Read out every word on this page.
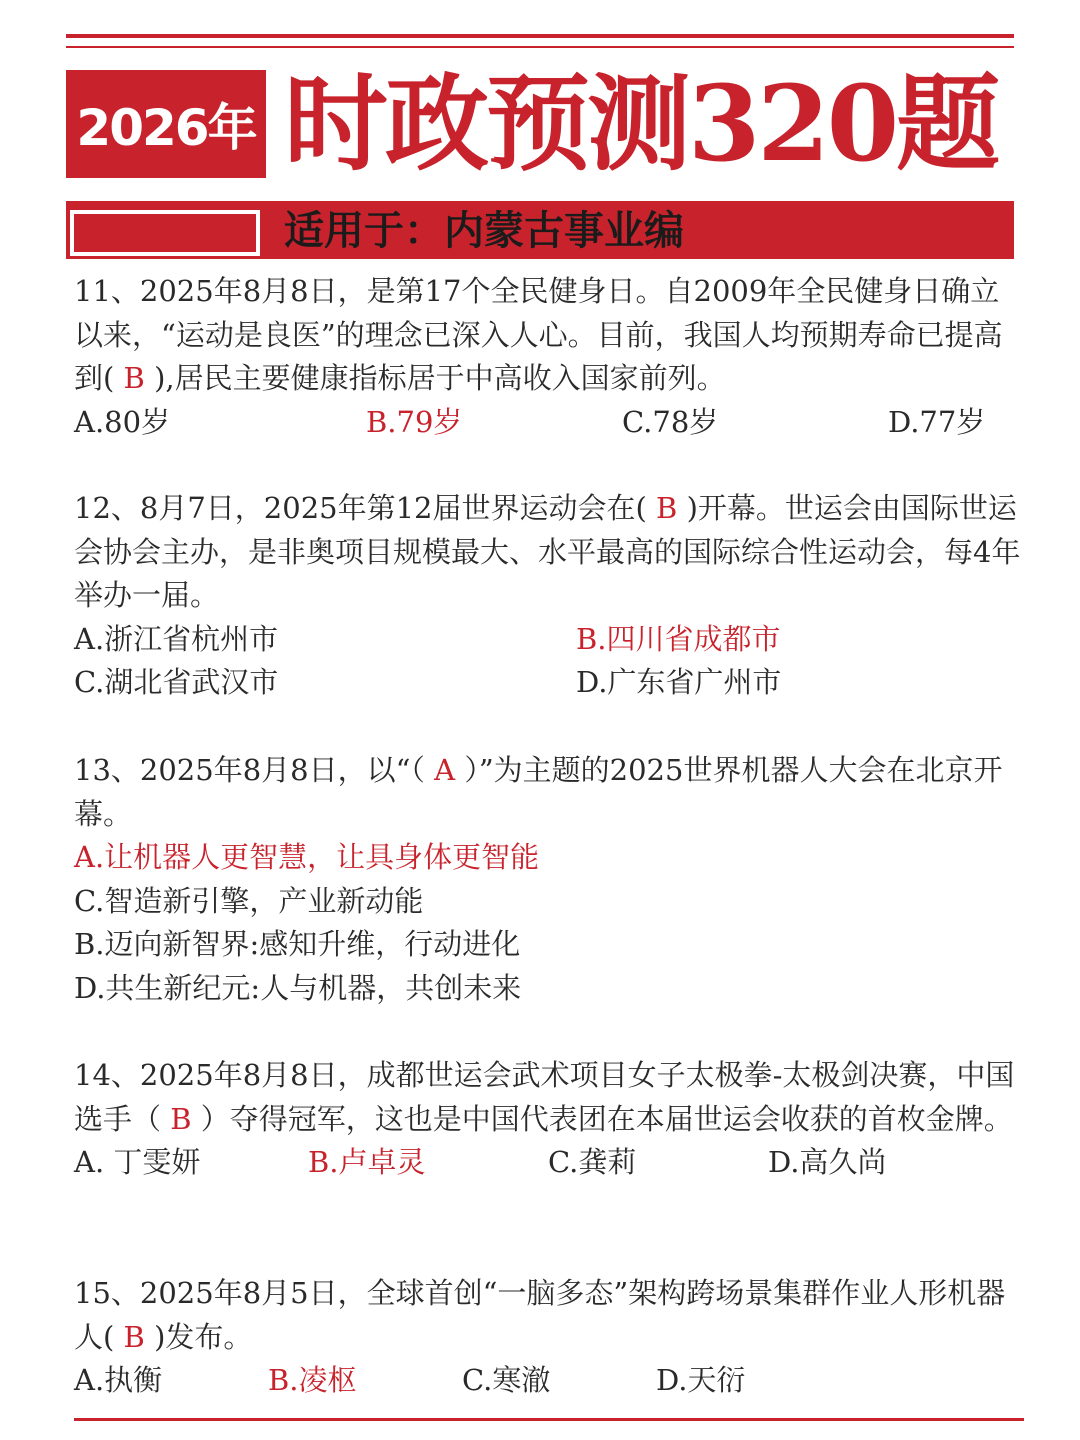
2026年 时政预测320题
适用于：内蒙古事业编

11、2025年8月8日，是第17个全民健身日。自2009年全民健身日确立以来，“运动是良医”的理念已深入人心。目前，我国人均预期寿命已提高到( B ),居民主要健康指标居于中高收入国家前列。

A.80岁	B.79岁	C.78岁	D.77岁

12、8月7日，2025年第12届世界运动会在( B )开幕。世运会由国际世运会协会主办，是非奥项目规模最大、水平最高的国际综合性运动会，每4年举办一届。

A.浙江省杭州市	B.四川省成都市
C.湖北省武汉市	D.广东省广州市

13、2025年8月8日，以“（ A ）”为主题的2025世界机器人大会在北京开幕。

A.让机器人更智慧，让具身体更智能
C.智造新引擎，产业新动能
B.迈向新智界:感知升维，行动进化
D.共生新纪元:人与机器，共创未来

14、2025年8月8日，成都世运会武术项目女子太极拳-太极剑决赛，中国选手（ B ）夺得冠军，这也是中国代表团在本届世运会收获的首枚金牌。

A. 丁雯妍	B.卢卓灵	C.龚莉	D.高久尚

15、2025年8月5日，全球首创“一脑多态”架构跨场景集群作业人形机器人( B )发布。

A.执衡	B.凌枢	C.寒澈	D.天衍
